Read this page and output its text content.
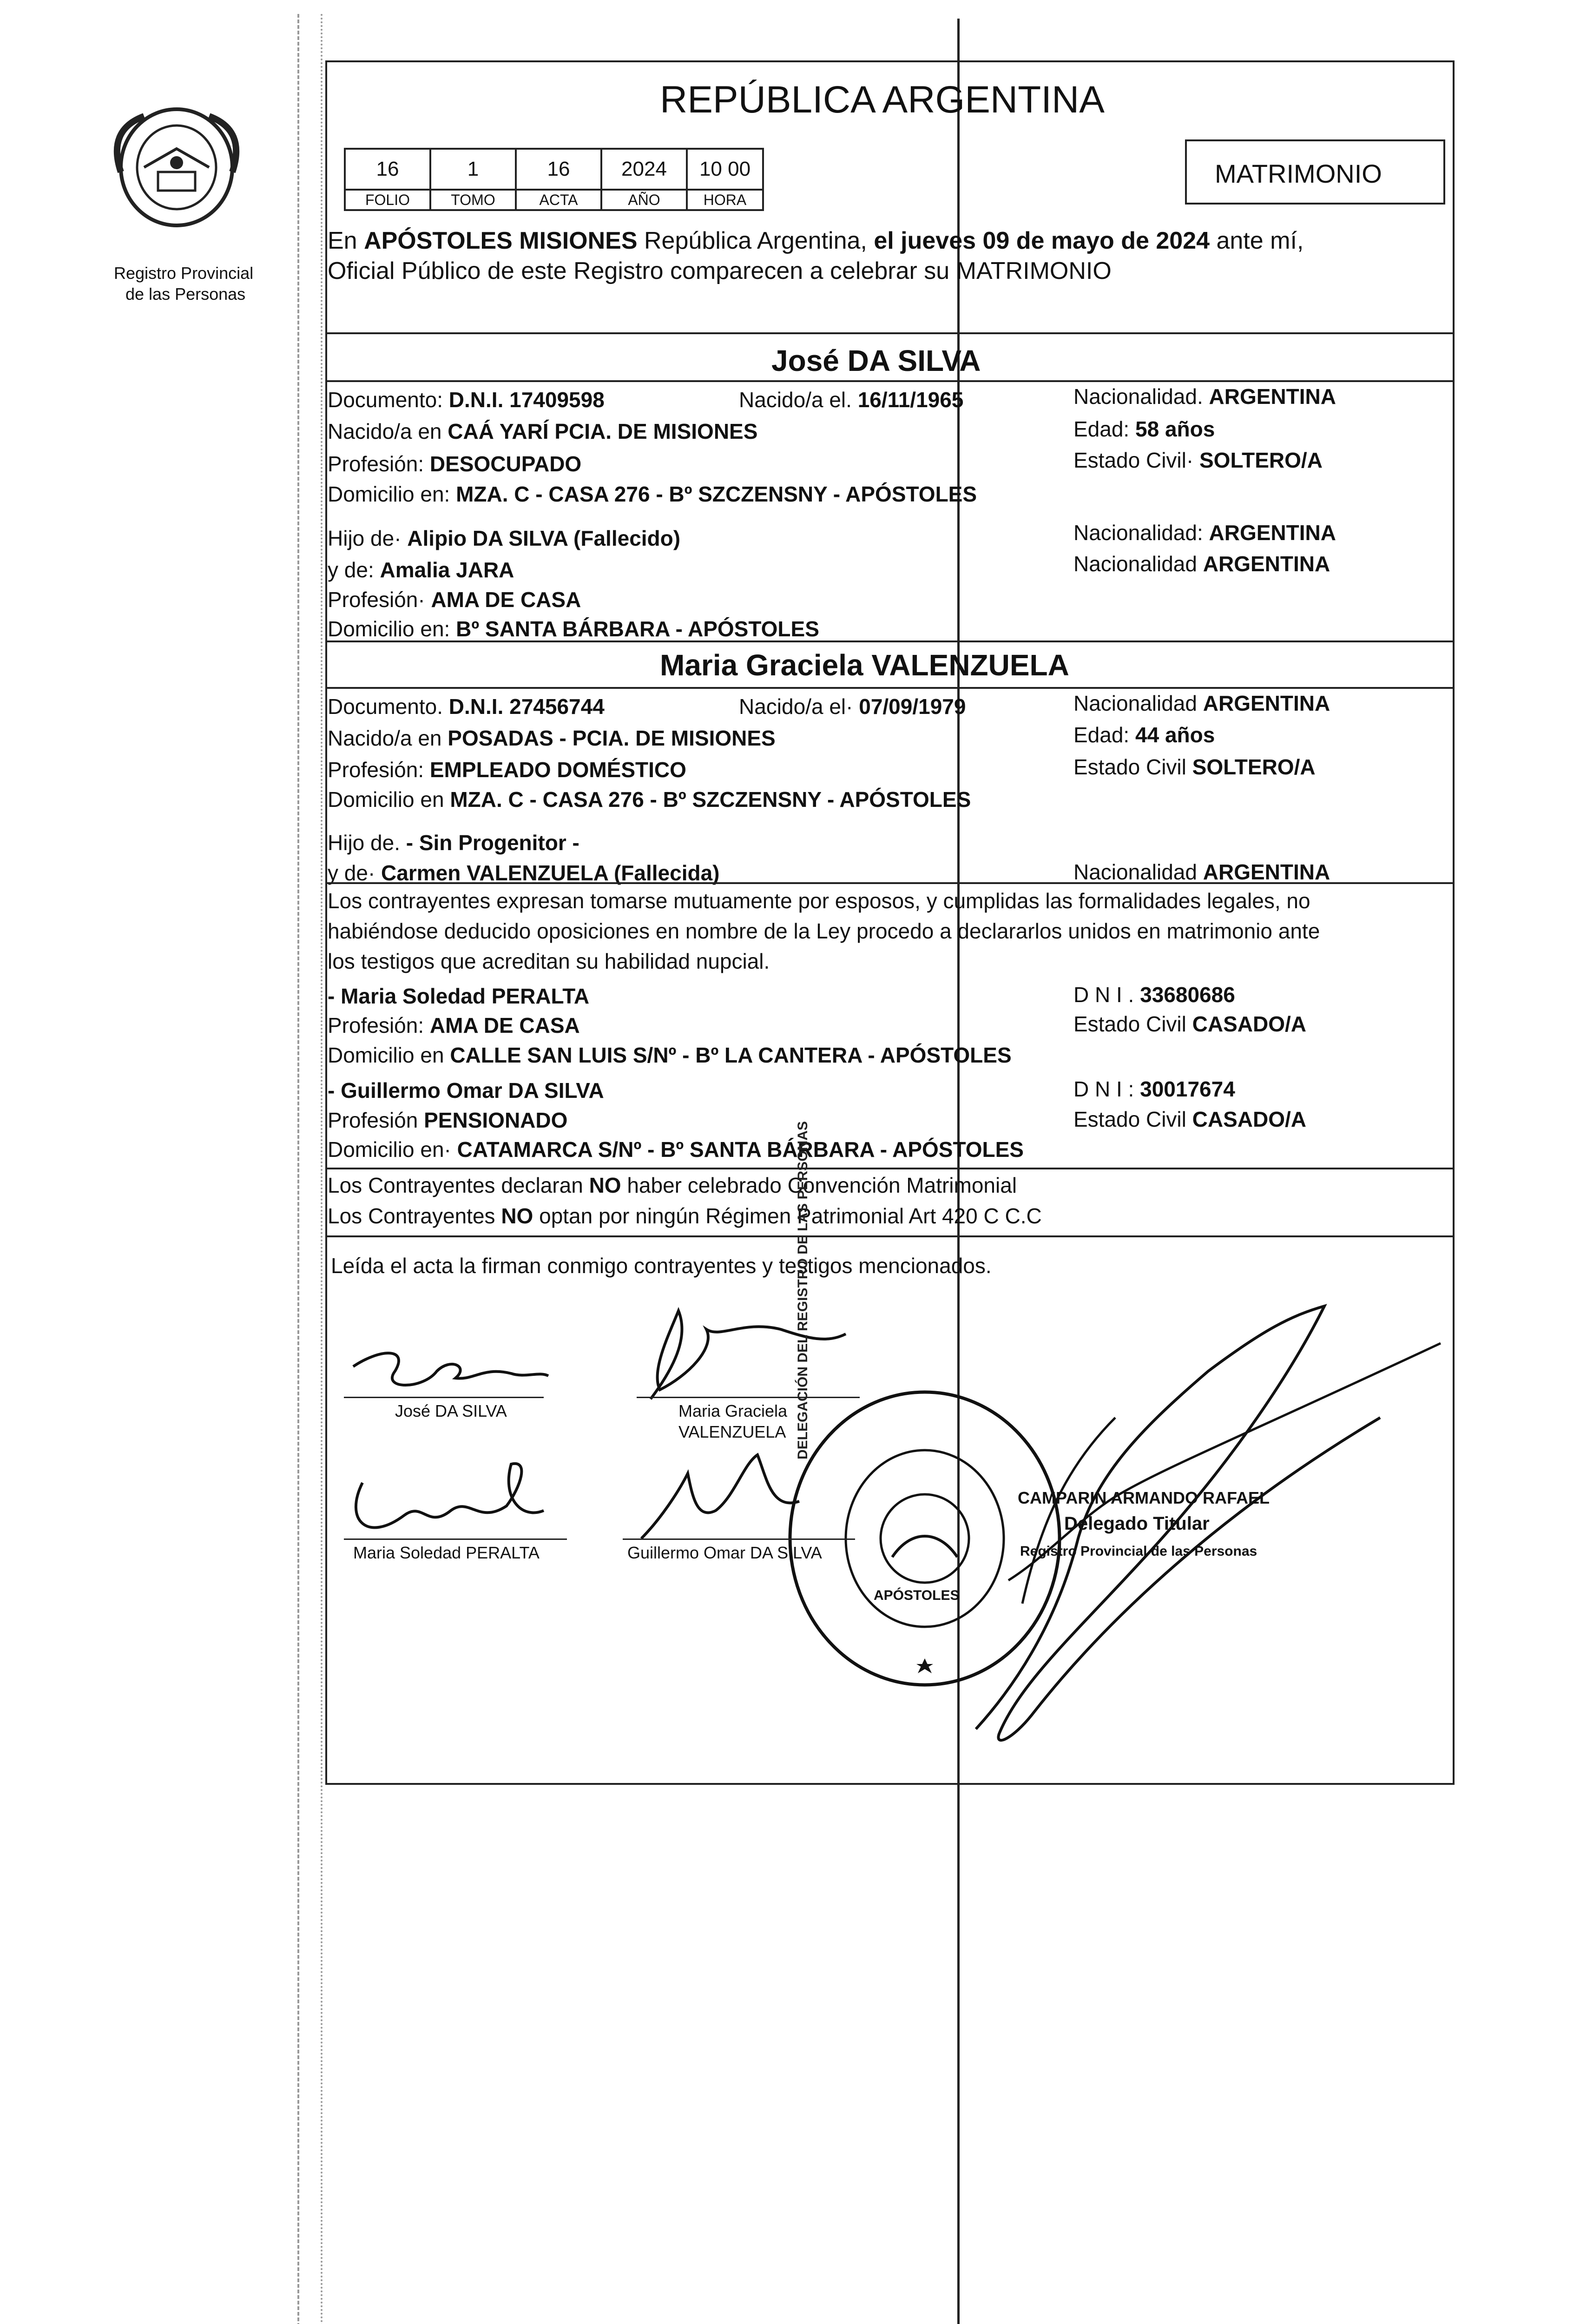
Registro Provincial
de las Personas
REPÚBLICA ARGENTINA
16	1	16	2024	10 00
FOLIO	TOMO	ACTA	AÑO	HORA
MATRIMONIO
En APÓSTOLES MISIONES República Argentina, el jueves 09 de mayo de 2024 ante mí,
Oficial Público de este Registro comparecen a celebrar su MATRIMONIO
José DA SILVA
Documento: D.N.I. 17409598	Nacido/a el. 16/11/1965	Nacionalidad. ARGENTINA
Nacido/a en CAÁ YARÍ PCIA. DE MISIONES	Edad: 58 años
Profesión: DESOCUPADO	Estado Civil· SOLTERO/A
Domicilio en: MZA. C - CASA 276 - Bº SZCZENSNY - APÓSTOLES
Hijo de· Alipio DA SILVA (Fallecido)	Nacionalidad: ARGENTINA
y de: Amalia JARA	Nacionalidad ARGENTINA
Profesión· AMA DE CASA
Domicilio en: Bº SANTA BÁRBARA - APÓSTOLES
Maria Graciela VALENZUELA
Documento. D.N.I. 27456744	Nacido/a el· 07/09/1979	Nacionalidad ARGENTINA
Nacido/a en POSADAS - PCIA. DE MISIONES	Edad: 44 años
Profesión: EMPLEADO DOMÉSTICO	Estado Civil SOLTERO/A
Domicilio en MZA. C - CASA 276 - Bº SZCZENSNY - APÓSTOLES
Hijo de. - Sin Progenitor -
y de· Carmen VALENZUELA (Fallecida)	Nacionalidad ARGENTINA
Los contrayentes expresan tomarse mutuamente por esposos, y cumplidas las formalidades legales, no
habiéndose deducido oposiciones en nombre de la Ley procedo a declararlos unidos en matrimonio ante
los testigos que acreditan su habilidad nupcial.
- Maria Soledad PERALTA	D N I . 33680686
Profesión: AMA DE CASA	Estado Civil CASADO/A
Domicilio en CALLE SAN LUIS S/Nº - Bº LA CANTERA - APÓSTOLES
- Guillermo Omar DA SILVA	D N I : 30017674
Profesión PENSIONADO	Estado Civil CASADO/A
Domicilio en· CATAMARCA S/Nº - Bº SANTA BÁRBARA - APÓSTOLES
Los Contrayentes declaran NO haber celebrado Convención Matrimonial
Los Contrayentes NO optan por ningún Régimen Patrimonial Art 420 C C.C
Leída el acta la firman conmigo contrayentes y testigos mencionados.
José DA SILVA	Maria Graciela
VALENZUELA
Maria Soledad PERALTA	Guillermo Omar DA SILVA
CAMPARIN ARMANDO RAFAEL
Delegado Titular
Registro Provincial de las Personas
DELEGACIÓN DEL REGISTRO DE LAS PERSONAS
APÓSTOLES
